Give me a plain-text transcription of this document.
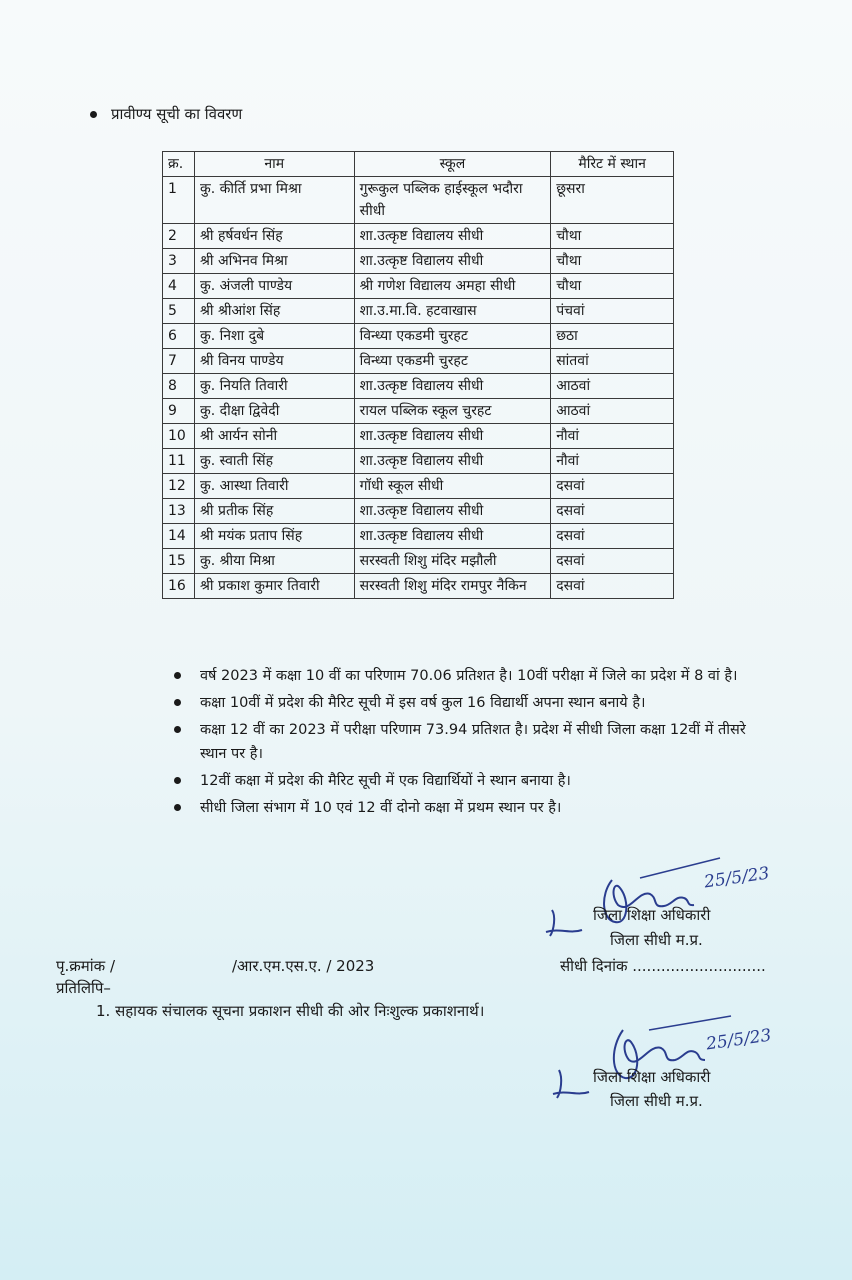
प्रावीण्य सूची का विवरण
क्र.	नाम	स्कूल	मैरिट में स्थान
1	कु. कीर्ति प्रभा मिश्रा	गुरूकुल पब्लिक हाईस्कूल भदौरा सीधी	छूसरा
2	श्री हर्षवर्धन सिंह	शा.उत्कृष्ट विद्यालय सीधी	चौथा
3	श्री अभिनव मिश्रा	शा.उत्कृष्ट विद्यालय सीधी	चौथा
4	कु. अंजली पाण्डेय	श्री गणेश विद्यालय अमहा सीधी	चौथा
5	श्री श्रीआंश सिंह	शा.उ.मा.वि. हटवाखास	पंचवां
6	कु. निशा दुबे	विन्ध्या एकडमी चुरहट	छठा
7	श्री विनय पाण्डेय	विन्ध्या एकडमी चुरहट	सांतवां
8	कु. नियति तिवारी	शा.उत्कृष्ट विद्यालय सीधी	आठवां
9	कु. दीक्षा द्विवेदी	रायल पब्लिक स्कूल चुरहट	आठवां
10	श्री आर्यन सोनी	शा.उत्कृष्ट विद्यालय सीधी	नौवां
11	कु. स्वाती सिंह	शा.उत्कृष्ट विद्यालय सीधी	नौवां
12	कु. आस्था तिवारी	गॉधी स्कूल सीधी	दसवां
13	श्री प्रतीक सिंह	शा.उत्कृष्ट विद्यालय सीधी	दसवां
14	श्री मयंक प्रताप सिंह	शा.उत्कृष्ट विद्यालय सीधी	दसवां
15	कु. श्रीया मिश्रा	सरस्वती शिशु मंदिर मझौली	दसवां
16	श्री प्रकाश कुमार तिवारी	सरस्वती शिशु मंदिर रामपुर नैकिन	दसवां
वर्ष 2023 में कक्षा 10 वीं का परिणाम 70.06 प्रतिशत है। 10वीं परीक्षा में जिले का प्रदेश में 8 वां है।
कक्षा 10वीं में प्रदेश की मैरिट सूची में इस वर्ष कुल 16 विद्यार्थी अपना स्थान बनाये है।
कक्षा 12 वीं का 2023 में परीक्षा परिणाम 73.94 प्रतिशत है। प्रदेश में सीधी जिला कक्षा 12वीं में तीसरे स्थान पर है।
12वीं कक्षा में प्रदेश की मैरिट सूची में एक विद्यार्थियों ने स्थान बनाया है।
सीधी जिला संभाग में 10 एवं 12 वीं दोनो कक्षा में प्रथम स्थान पर है।
25/5/23
जिला शिक्षा अधिकारी
जिला सीधी म.प्र.
पृ.क्रमांक /	/आर.एम.एस.ए. / 2023	सीधी दिनांक ............................
प्रतिलिपि–
1. सहायक संचालक सूचना प्रकाशन सीधी की ओर निःशुल्क प्रकाशनार्थ।
25/5/23
जिला शिक्षा अधिकारी
जिला सीधी म.प्र.
